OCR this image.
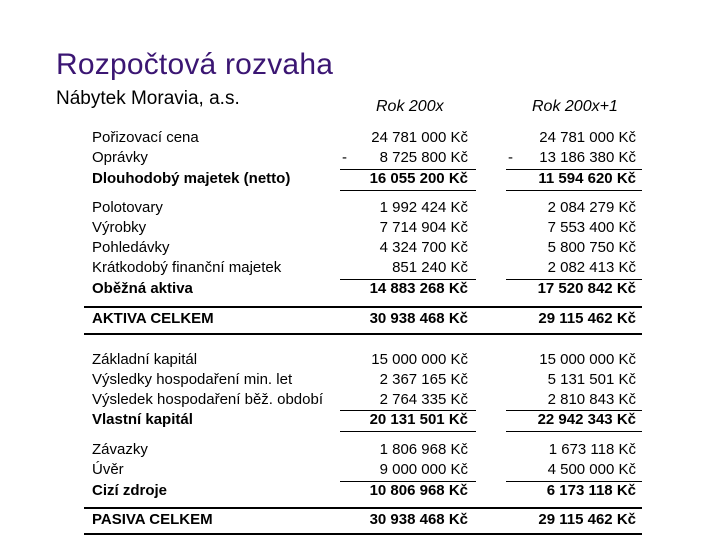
Rozpočtová rozvaha
Nábytek Moravia, a.s.	Rok 200x	Rok 200x+1
Pořizovací cena	24 781 000 Kč	24 781 000 Kč
Oprávky	- 8 725 800 Kč	- 13 186 380 Kč
Dlouhodobý majetek (netto)	16 055 200 Kč	11 594 620 Kč
Polotovary	1 992 424 Kč	2 084 279 Kč
Výrobky	7 714 904 Kč	7 553 400 Kč
Pohledávky	4 324 700 Kč	5 800 750 Kč
Krátkodobý finanční majetek	851 240 Kč	2 082 413 Kč
Oběžná aktiva	14 883 268 Kč	17 520 842 Kč
AKTIVA CELKEM	30 938 468 Kč	29 115 462 Kč
Základní kapitál	15 000 000 Kč	15 000 000 Kč
Výsledky hospodaření min. let	2 367 165 Kč	5 131 501 Kč
Výsledek hospodaření běž. období	2 764 335 Kč	2 810 843 Kč
Vlastní kapitál	20 131 501 Kč	22 942 343 Kč
Závazky	1 806 968 Kč	1 673 118 Kč
Úvěr	9 000 000 Kč	4 500 000 Kč
Cizí zdroje	10 806 968 Kč	6 173 118 Kč
PASIVA CELKEM	30 938 468 Kč	29 115 462 Kč
